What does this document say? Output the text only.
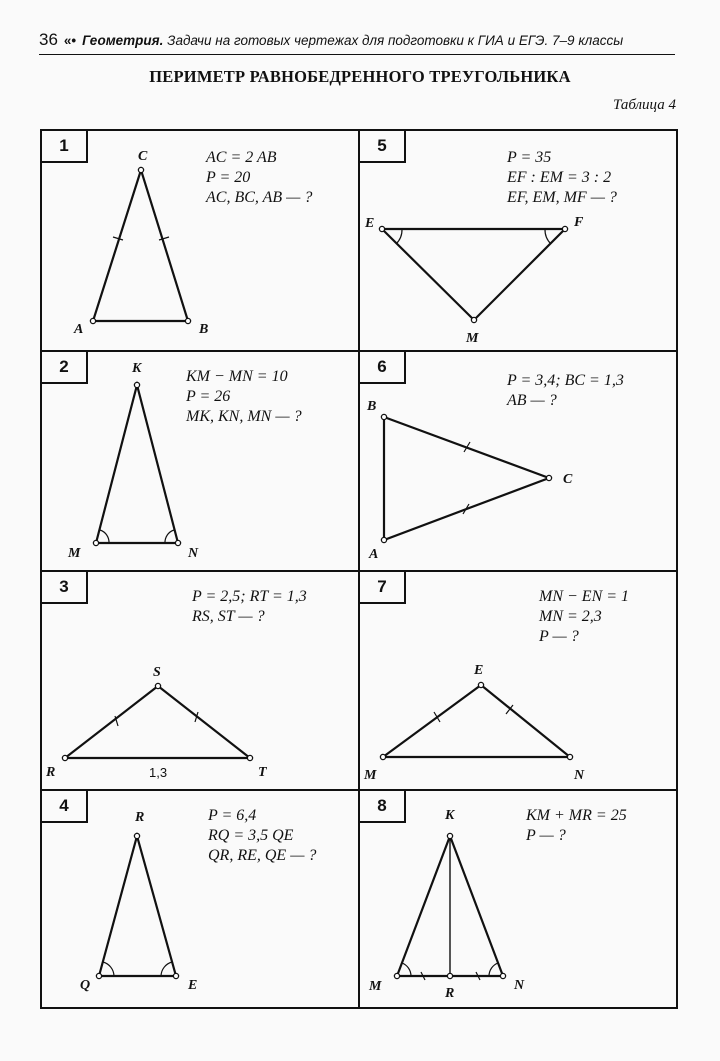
36 «• Геометрия. Задачи на готовых чертежах для подготовки к ГИА и ЕГЭ. 7–9 классы
ПЕРИМЕТР РАВНОБЕДРЕННОГО ТРЕУГОЛЬНИКА
Таблица 4
1
AC = 2 AB
P = 20
AC, BC, AB — ?
C
A	B
2
KM − MN = 10
P = 26
MK, KN, MN — ?
K
M	N
3
P = 2,5; RT = 1,3
RS, ST — ?
S
R	T
1,3
4
P = 6,4
RQ = 3,5 QE
QR, RE, QE — ?
R
Q	E
5
P = 35
EF : EM = 3 : 2
EF, EM, MF — ?
E	F
M
6
P = 3,4; BC = 1,3
AB — ?
B
C
A
7
MN − EN = 1
MN = 2,3
P — ?
E
M	N
8
KM + MR = 25
P — ?
K
M	R
N
